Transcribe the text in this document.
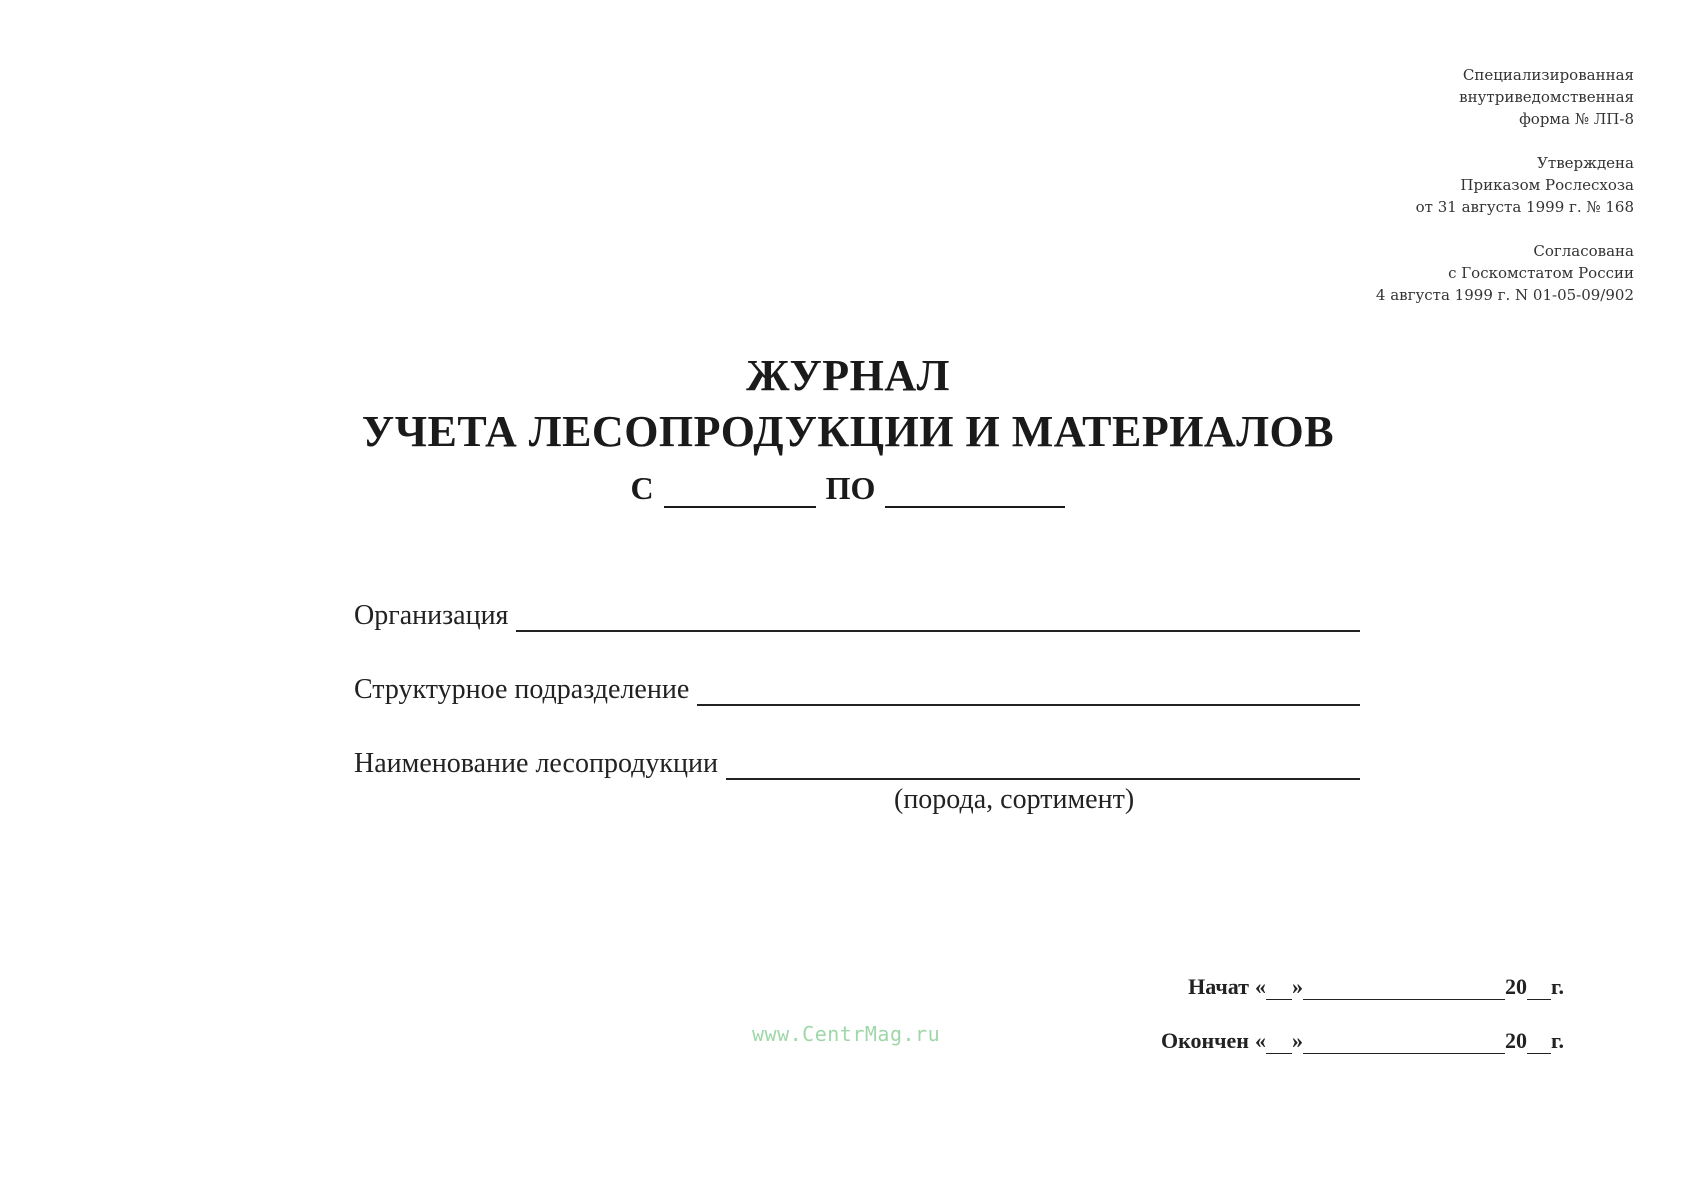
Специализированная
внутриведомственная
форма № ЛП-8
Утверждена
Приказом Рослесхоза
от 31 августа 1999 г. № 168
Согласована
с Госкомстатом России
4 августа 1999 г. N 01-05-09/902
ЖУРНАЛ
УЧЕТА ЛЕСОПРОДУКЦИИ И МАТЕРИАЛОВ
С	ПО
Организация
Структурное подразделение
Наименование лесопродукции
(порода, сортимент)
Начат « »	20 г.
Окончен « »	20 г.
www.CentrMag.ru
